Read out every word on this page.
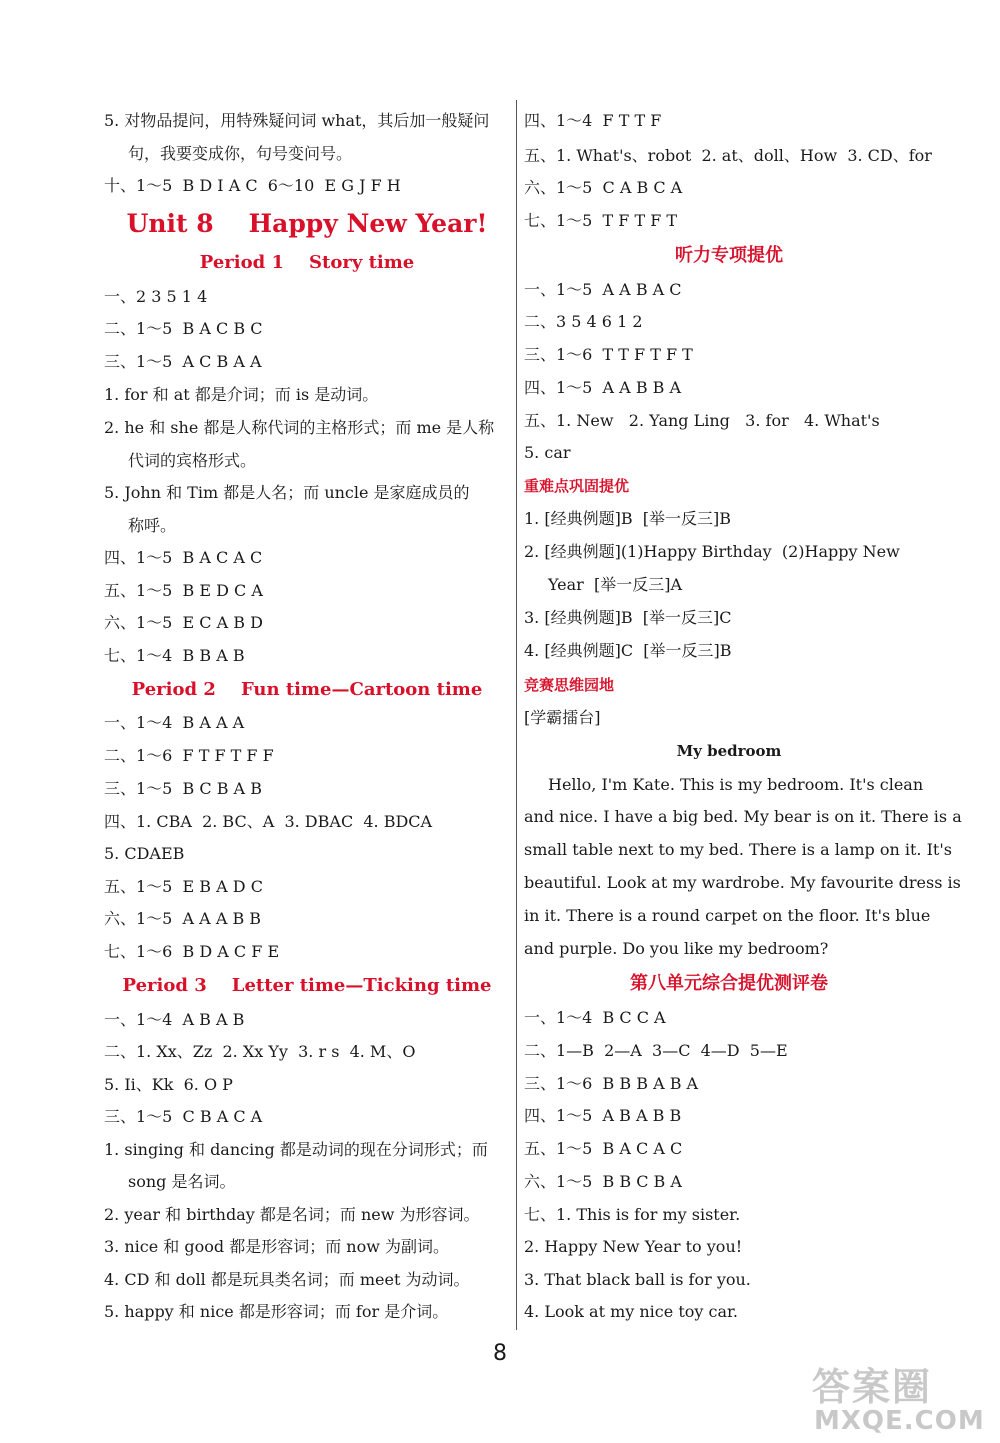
5. 对物品提问，用特殊疑问词 what，其后加一般疑问
句，我要变成你，句号变问号。
十、1～5  B D I A C  6～10  E G J F H
Unit 8    Happy New Year!
Period 1    Story time
一、2 3 5 1 4
二、1～5  B A C B C
三、1～5  A C B A A
1. for 和 at 都是介词；而 is 是动词。
2. he 和 she 都是人称代词的主格形式；而 me 是人称
代词的宾格形式。
5. John 和 Tim 都是人名；而 uncle 是家庭成员的
称呼。
四、1～5  B A C A C
五、1～5  B E D C A
六、1～5  E C A B D
七、1～4  B B A B
Period 2    Fun time—Cartoon time
一、1～4  B A A A
二、1～6  F T F T F F
三、1～5  B C B A B
四、1. CBA  2. BC、A  3. DBAC  4. BDCA
5. CDAEB
五、1～5  E B A D C
六、1～5  A A A B B
七、1～6  B D A C F E
Period 3    Letter time—Ticking time
一、1～4  A B A B
二、1. Xx、Zz  2. Xx Yy  3. r s  4. M、O
5. Ii、Kk  6. O P
三、1～5  C B A C A
1. singing 和 dancing 都是动词的现在分词形式；而
song 是名词。
2. year 和 birthday 都是名词；而 new 为形容词。
3. nice 和 good 都是形容词；而 now 为副词。
4. CD 和 doll 都是玩具类名词；而 meet 为动词。
5. happy 和 nice 都是形容词；而 for 是介词。
四、1～4  F T T F
五、1. What's、robot  2. at、doll、How  3. CD、for
六、1～5  C A B C A
七、1～5  T F T F T
听力专项提优
一、1～5  A A B A C
二、3 5 4 6 1 2
三、1～6  T T F T F T
四、1～5  A A B B A
五、1. New   2. Yang Ling   3. for   4. What's
5. car
重难点巩固提优
1. [经典例题]B  [举一反三]B
2. [经典例题](1)Happy Birthday  (2)Happy New
Year  [举一反三]A
3. [经典例题]B  [举一反三]C
4. [经典例题]C  [举一反三]B
竞赛思维园地
[学霸擂台]
My bedroom
Hello, I'm Kate. This is my bedroom. It's clean
and nice. I have a big bed. My bear is on it. There is a
small table next to my bed. There is a lamp on it. It's
beautiful. Look at my wardrobe. My favourite dress is
in it. There is a round carpet on the floor. It's blue
and purple. Do you like my bedroom?
第八单元综合提优测评卷
一、1～4  B C C A
二、1—B  2—A  3—C  4—D  5—E
三、1～6  B B B A B A
四、1～5  A B A B B
五、1～5  B A C A C
六、1～5  B B C B A
七、1. This is for my sister.
2. Happy New Year to you!
3. That black ball is for you.
4. Look at my nice toy car.
8
答案圈
MXQE.COM
